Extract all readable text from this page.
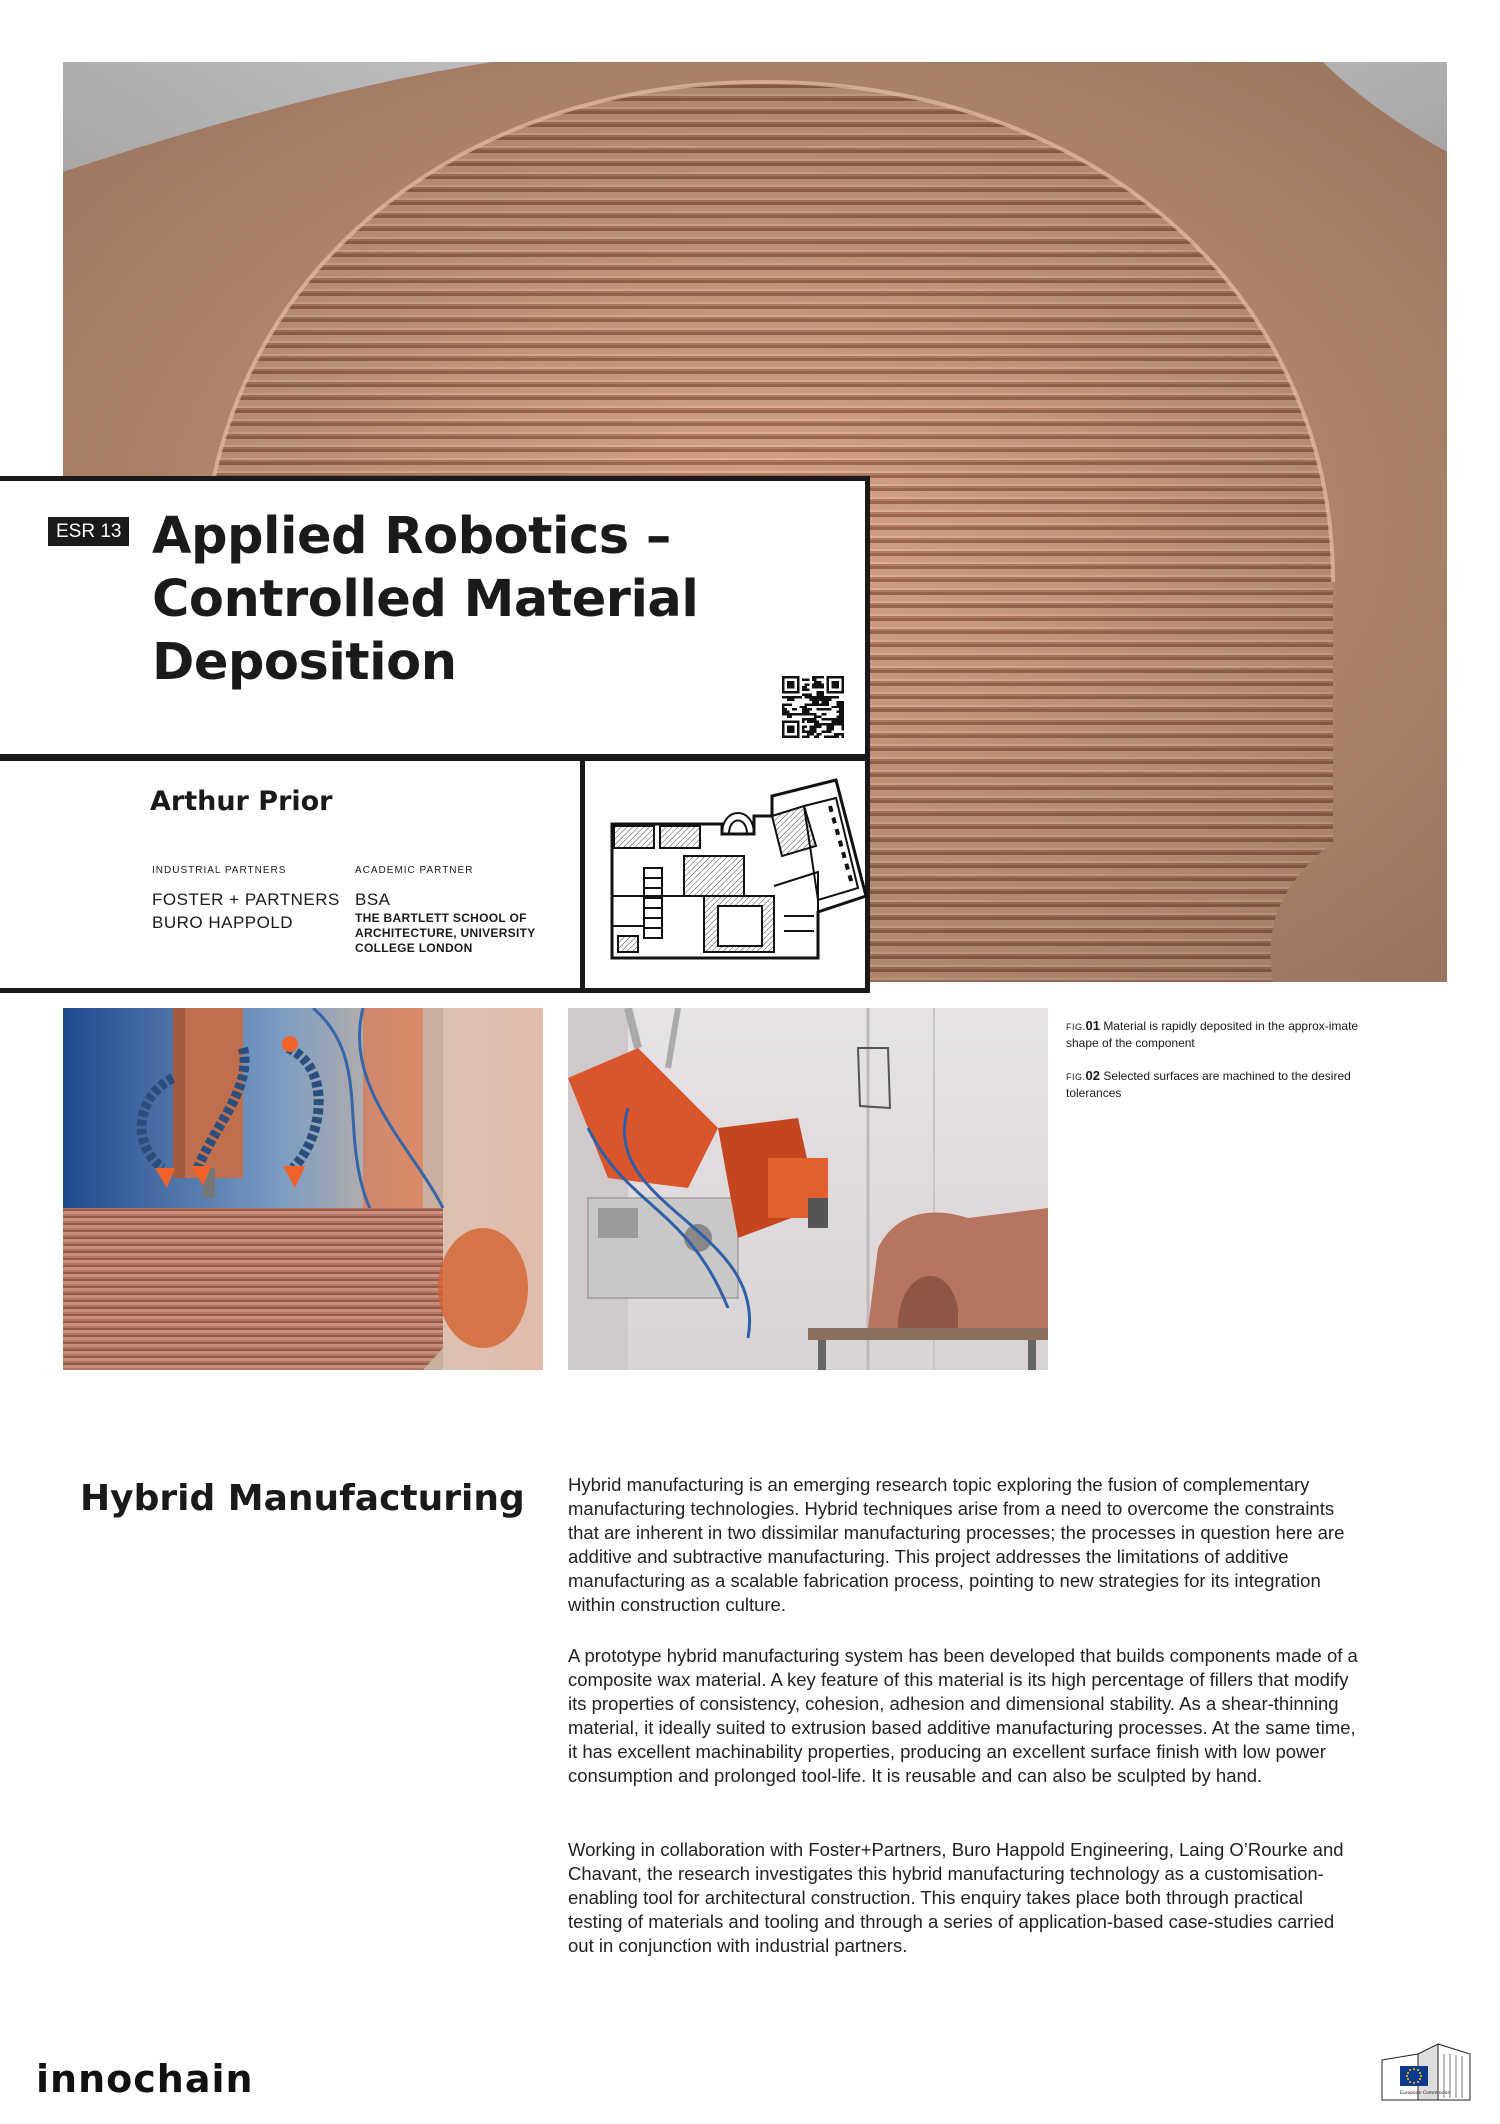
ESR 13 Applied Robotics – Controlled Material Deposition
Arthur Prior
INDUSTRIAL PARTNERS	ACADEMIC PARTNER
FOSTER + PARTNERS
BURO HAPPOLD
BSA
THE BARTLETT SCHOOL OF ARCHITECTURE, UNIVERSITY COLLEGE LONDON
FIG.01 Material is rapidly deposited in the approx-imate shape of the component
FIG.02 Selected surfaces are machined to the desired tolerances
Hybrid Manufacturing Hybrid manufacturing is an emerging research topic exploring the fusion of complementary manufacturing technologies. Hybrid techniques arise from a need to overcome the constraints that are inherent in two dissimilar manufacturing processes; the processes in question here are additive and subtractive manufacturing. This project addresses the limitations of additive manufacturing as a scalable fabrication process, pointing to new strategies for its integration within construction culture.

A prototype hybrid manufacturing system has been developed that builds components made of a composite wax material. A key feature of this material is its high percentage of fillers that modify its properties of consistency, cohesion, adhesion and dimensional stability. As a shear-thinning material, it ideally suited to extrusion based additive manufacturing processes. At the same time, it has excellent machinability properties, producing an excellent surface finish with low power consumption and prolonged tool-life. It is reusable and can also be sculpted by hand.

Working in collaboration with Foster+Partners, Buro Happold Engineering, Laing O’Rourke and Chavant, the research investigates this hybrid manufacturing technology as a customisation-enabling tool for architectural construction. This enquiry takes place both through practical testing of materials and tooling and through a series of application-based case-studies carried out in conjunction with industrial partners.

innochain	European Commission
